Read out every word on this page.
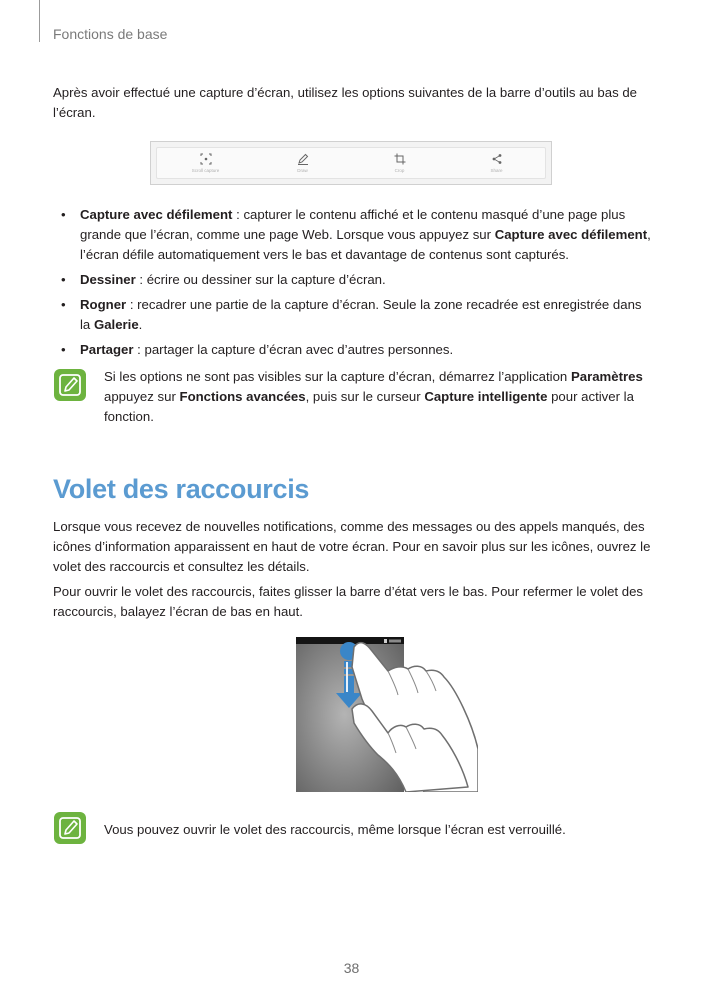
Fonctions de base

Après avoir effectué une capture d’écran, utilisez les options suivantes de la barre d’outils au bas de l’écran.

Scroll capture	Draw	Crop	Share
• Capture avec défilement : capturer le contenu affiché et le contenu masqué d’une page plus grande que l’écran, comme une page Web. Lorsque vous appuyez sur Capture avec défilement, l’écran défile automatiquement vers le bas et davantage de contenus sont capturés.
• Dessiner : écrire ou dessiner sur la capture d’écran.
• Rogner : recadrer une partie de la capture d’écran. Seule la zone recadrée est enregistrée dans la Galerie.
• Partager : partager la capture d’écran avec d’autres personnes.

Si les options ne sont pas visibles sur la capture d’écran, démarrez l’application Paramètres appuyez sur Fonctions avancées, puis sur le curseur Capture intelligente pour activer la fonction.

Volet des raccourcis

Lorsque vous recevez de nouvelles notifications, comme des messages ou des appels manqués, des icônes d’information apparaissent en haut de votre écran. Pour en savoir plus sur les icônes, ouvrez le volet des raccourcis et consultez les détails.

Pour ouvrir le volet des raccourcis, faites glisser la barre d’état vers le bas. Pour refermer le volet des raccourcis, balayez l’écran de bas en haut.

Vous pouvez ouvrir le volet des raccourcis, même lorsque l’écran est verrouillé.

38
